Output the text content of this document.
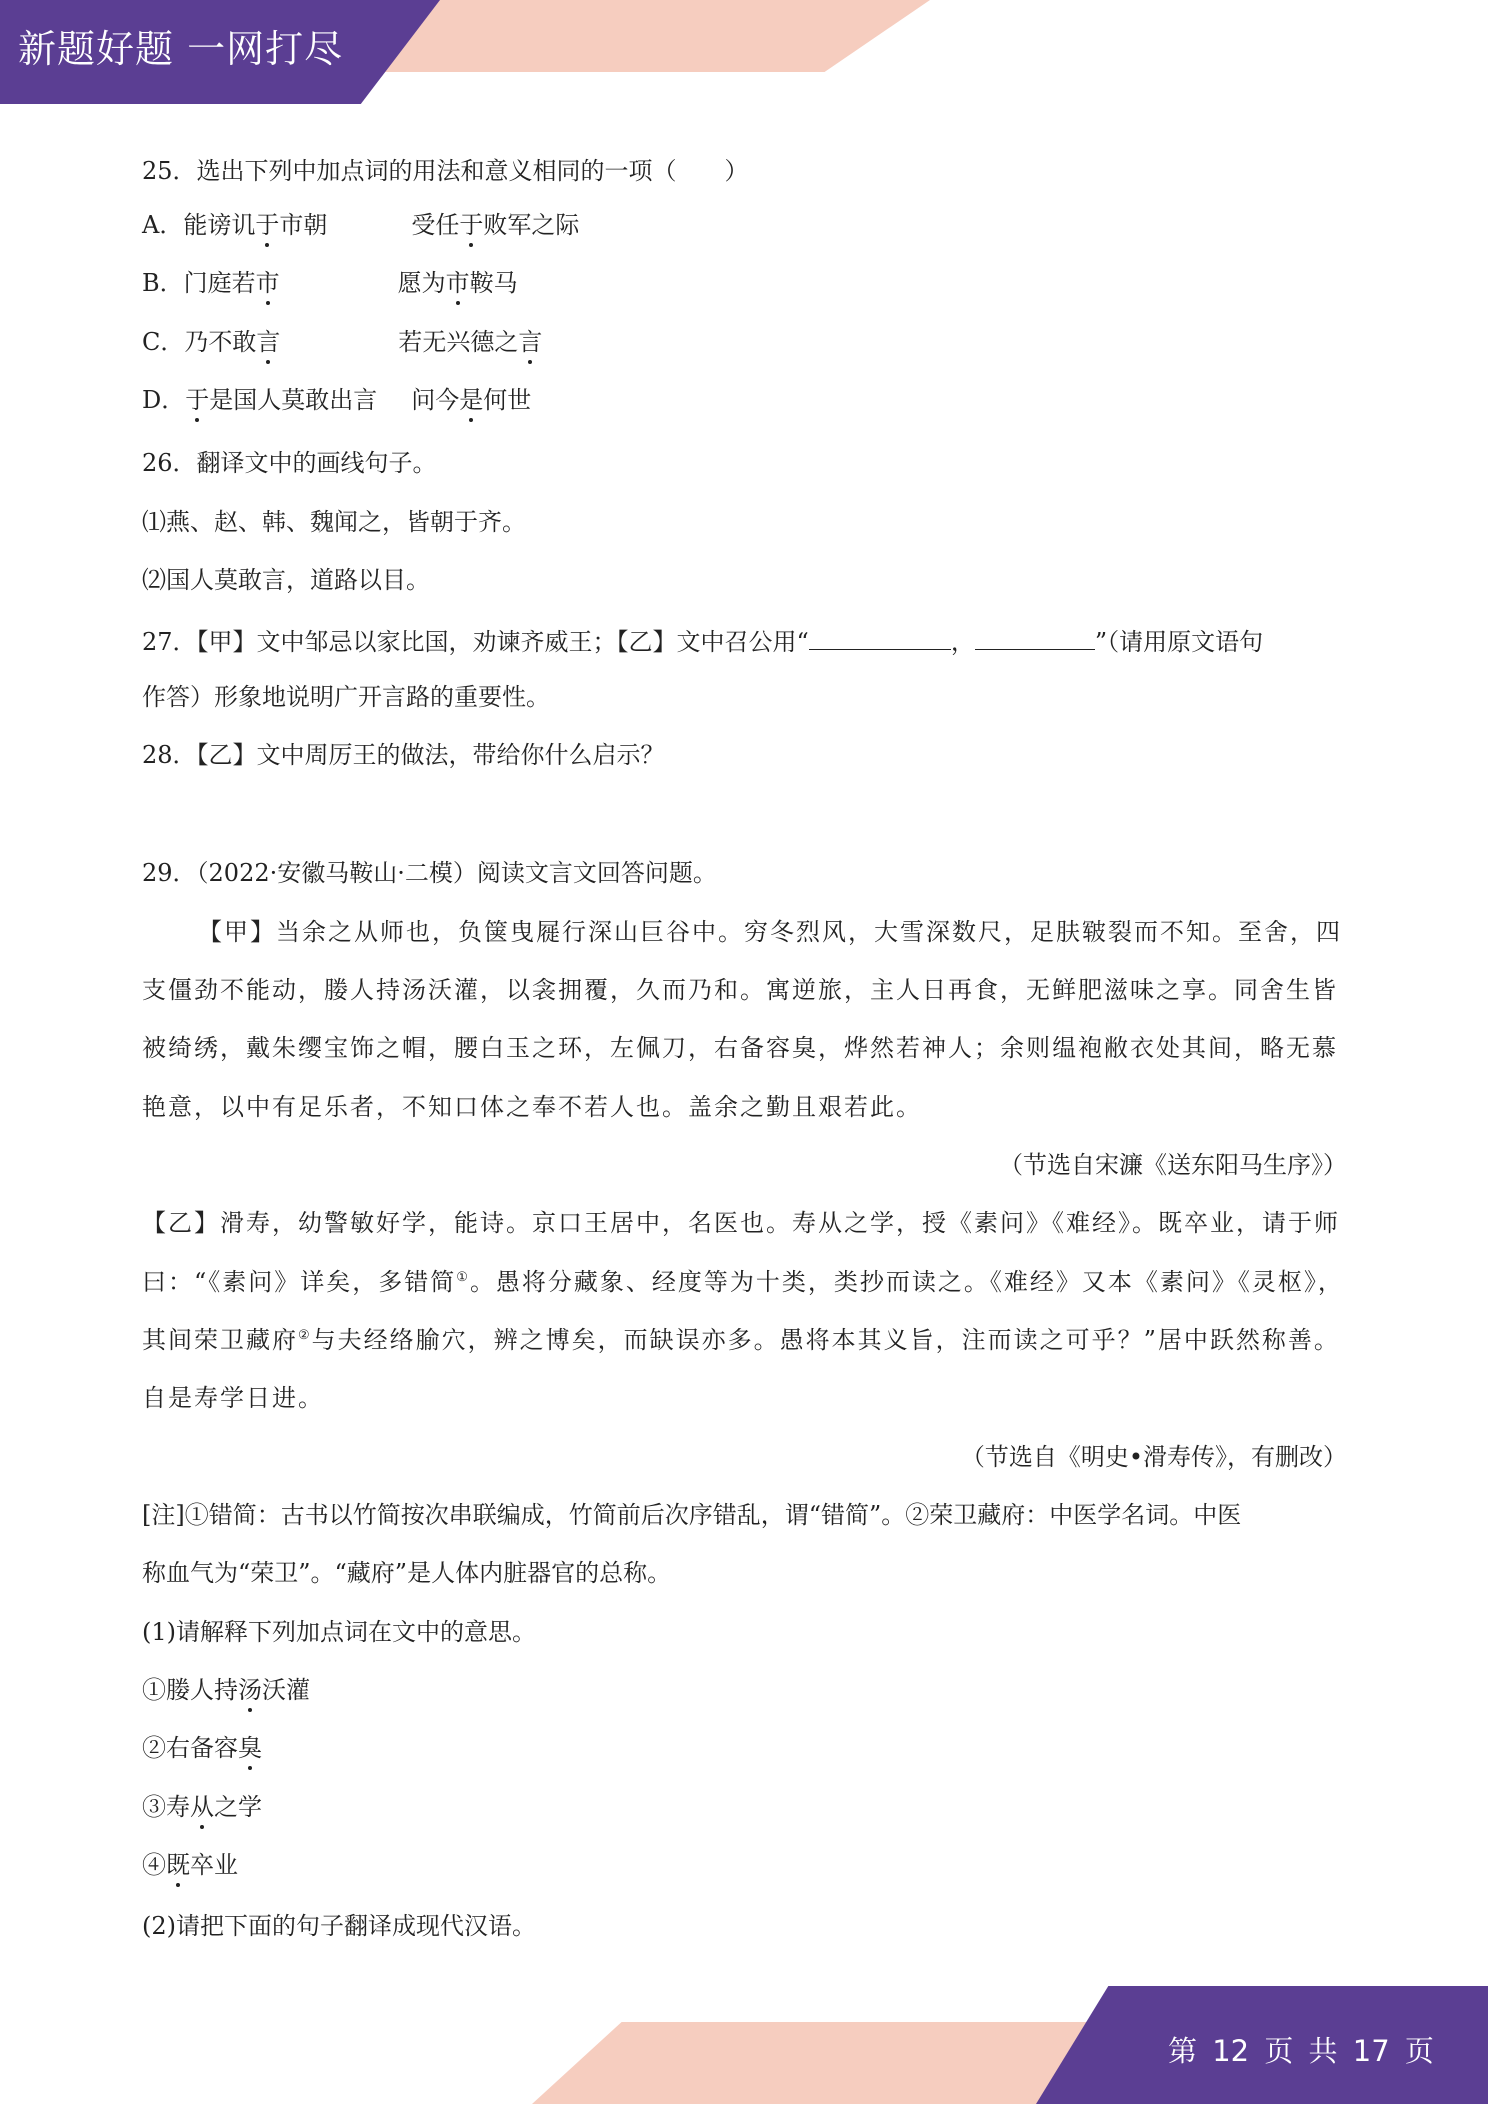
新题好题 一网打尽
25．选出下列中加点词的用法和意义相同的一项（　　）
A．能谤讥于市朝	受任于败军之际
B．门庭若市	愿为市鞍马
C．乃不敢言	若无兴德之言
D．于是国人莫敢出言 问今是何世
26．翻译文中的画线句子。
⑴燕、赵、韩、魏闻之，皆朝于齐。
⑵国人莫敢言，道路以目。
27．【甲】文中邹忌以家比国，劝谏齐威王；【乙】文中召公用“	，	”（请用原文语句
作答）形象地说明广开言路的重要性。
28．【乙】文中周厉王的做法，带给你什么启示？
29．（2022·安徽马鞍山·二模）阅读文言文回答问题。
【甲】当余之从师也，负箧曳屣行深山巨谷中。穷冬烈风，大雪深数尺，足肤皲裂而不知。至舍，四
支僵劲不能动，媵人持汤沃灌，以衾拥覆，久而乃和。寓逆旅，主人日再食，无鲜肥滋味之享。同舍生皆
被绮绣，戴朱缨宝饰之帽，腰白玉之环，左佩刀，右备容臭，烨然若神人；余则缊袍敝衣处其间，略无慕
艳意，以中有足乐者，不知口体之奉不若人也。盖余之勤且艰若此。
（节选自宋濂《送东阳马生序》）
【乙】滑寿，幼警敏好学，能诗。京口王居中，名医也。寿从之学，授《素问》《难经》。既卒业，请于师
曰：“《素问》详矣，多错简①。愚将分藏象、经度等为十类，类抄而读之。《难经》又本《素问》《灵枢》，
其间荣卫藏府②与夫经络腧穴，辨之博矣，而缺误亦多。愚将本其义旨，注而读之可乎？”居中跃然称善。
自是寿学日进。
（节选自《明史•滑寿传》，有删改）
[注]①错简：古书以竹简按次串联编成，竹简前后次序错乱，谓“错简”。②荣卫藏府：中医学名词。中医
称血气为“荣卫”。“藏府”是人体内脏器官的总称。
(1)请解释下列加点词在文中的意思。
①媵人持汤沃灌
②右备容臭
③寿从之学
④既卒业
(2)请把下面的句子翻译成现代汉语。
第 12 页 共 17 页
